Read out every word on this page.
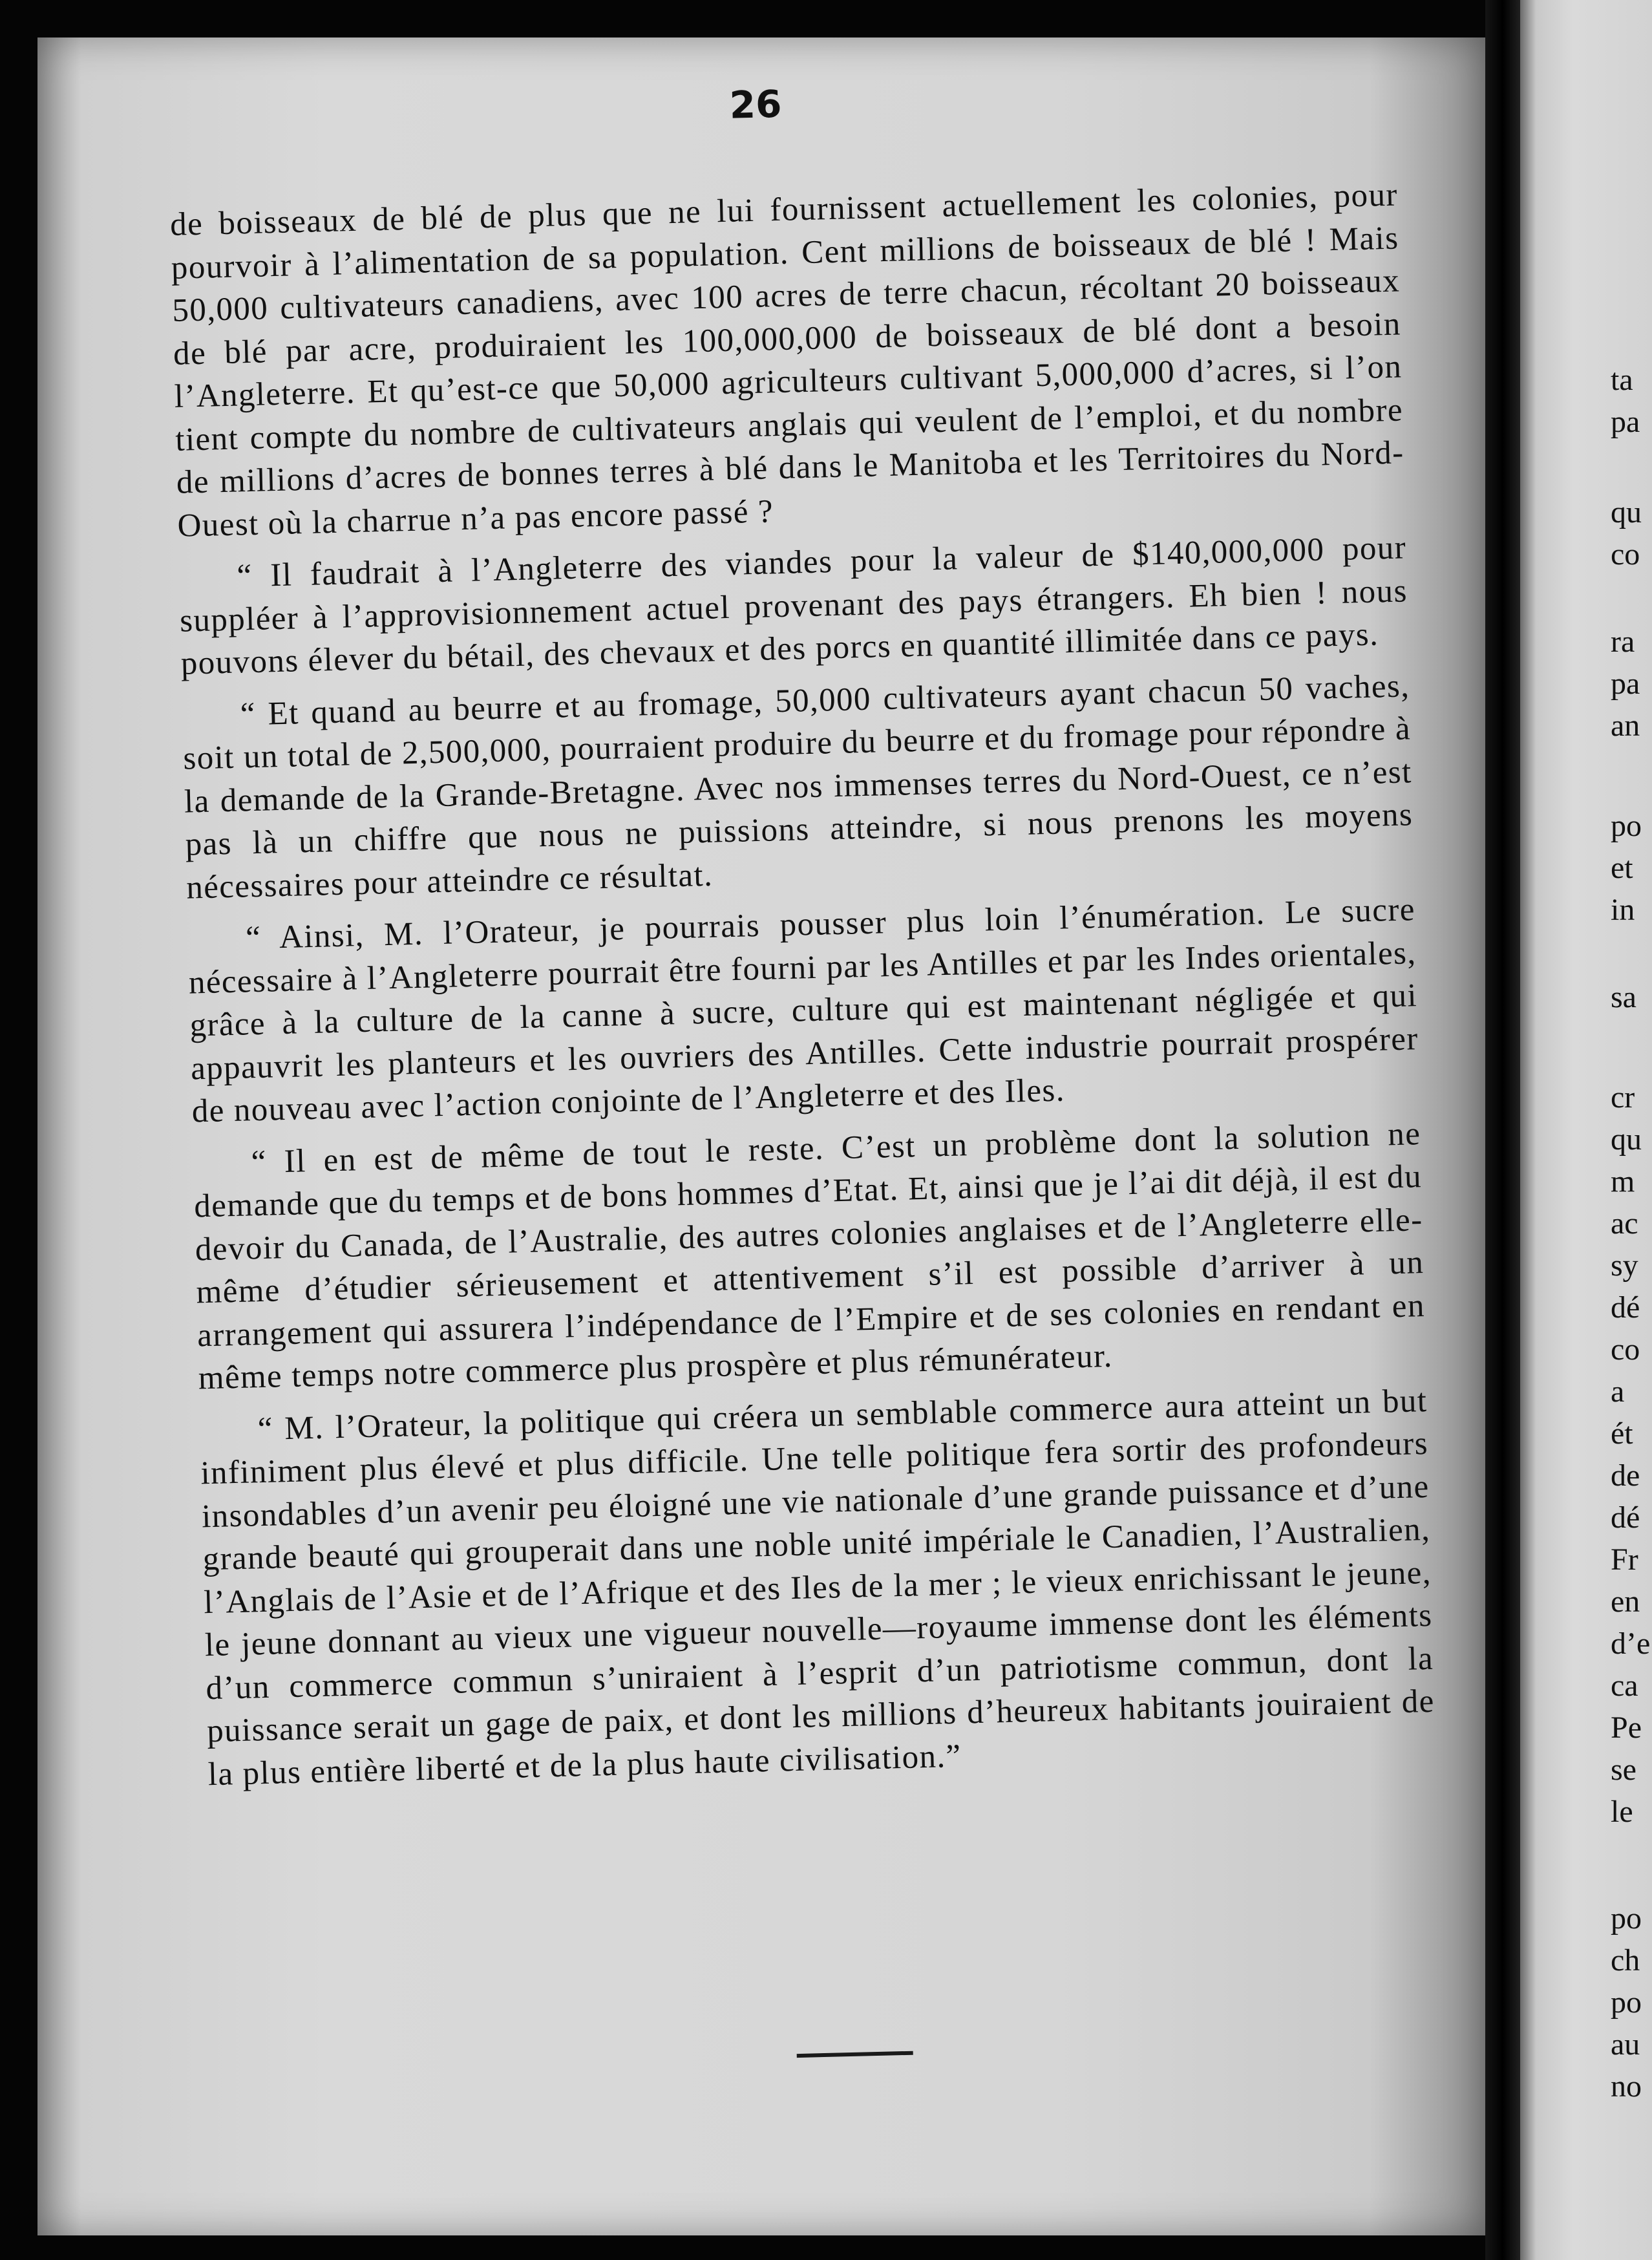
26

de boisseaux de blé de plus que ne lui fournissent actuellement les colonies, pour pourvoir à l’alimentation de sa population. Cent millions de boisseaux de blé ! Mais 50,000 cultivateurs canadiens, avec 100 acres de terre chacun, récoltant 20 boisseaux de blé par acre, produiraient les 100,000,000 de boisseaux de blé dont a besoin l’Angleterre. Et qu’est-ce que 50,000 agriculteurs cultivant 5,000,000 d’acres, si l’on tient compte du nombre de cultivateurs anglais qui veulent de l’emploi, et du nombre de millions d’acres de bonnes terres à blé dans le Manitoba et les Territoires du Nord-Ouest où la charrue n’a pas encore passé ?

“ Il faudrait à l’Angleterre des viandes pour la valeur de $140,000,000 pour suppléer à l’approvisionnement actuel provenant des pays étrangers. Eh bien ! nous pouvons élever du bétail, des chevaux et des porcs en quantité illimitée dans ce pays.

“ Et quand au beurre et au fromage, 50,000 cultivateurs ayant chacun 50 vaches, soit un total de 2,500,000, pourraient produire du beurre et du fromage pour répondre à la demande de la Grande-Bretagne. Avec nos immenses terres du Nord-Ouest, ce n’est pas là un chiffre que nous ne puissions atteindre, si nous prenons les moyens nécessaires pour atteindre ce résultat.

“ Ainsi, M. l’Orateur, je pourrais pousser plus loin l’énumération. Le sucre nécessaire à l’Angleterre pourrait être fourni par les Antilles et par les Indes orientales, grâce à la culture de la canne à sucre, culture qui est maintenant négligée et qui appauvrit les planteurs et les ouvriers des Antilles. Cette industrie pourrait prospérer de nouveau avec l’action conjointe de l’Angleterre et des Iles.

“ Il en est de même de tout le reste. C’est un problème dont la solution ne demande que du temps et de bons hommes d’Etat. Et, ainsi que je l’ai dit déjà, il est du devoir du Canada, de l’Australie, des autres colonies anglaises et de l’Angleterre elle-même d’étudier sérieusement et attentivement s’il est possible d’arriver à un arrangement qui assurera l’indépendance de l’Empire et de ses colonies en rendant en même temps notre commerce plus prospère et plus rémunérateur.

“ M. l’Orateur, la politique qui créera un semblable commerce aura atteint un but infiniment plus élevé et plus difficile. Une telle politique fera sortir des profondeurs insondables d’un avenir peu éloigné une vie nationale d’une grande puissance et d’une grande beauté qui grouperait dans une noble unité impériale le Canadien, l’Australien, l’Anglais de l’Asie et de l’Afrique et des Iles de la mer ; le vieux enrichissant le jeune, le jeune donnant au vieux une vigueur nouvelle—royaume immense dont les éléments d’un commerce commun s’uniraient à l’esprit d’un patriotisme commun, dont la puissance serait un gage de paix, et dont les millions d’heureux habitants jouiraient de la plus entière liberté et de la plus haute civilisation.”

ta
pa
qu
co
ra
pa
an
po
et
in
sa
cr
qu
m
ac
sy
dé
co
a
ét
de
dé
Fr
en
d’e
ca
Pe
se
le
po
ch
po
au
no
